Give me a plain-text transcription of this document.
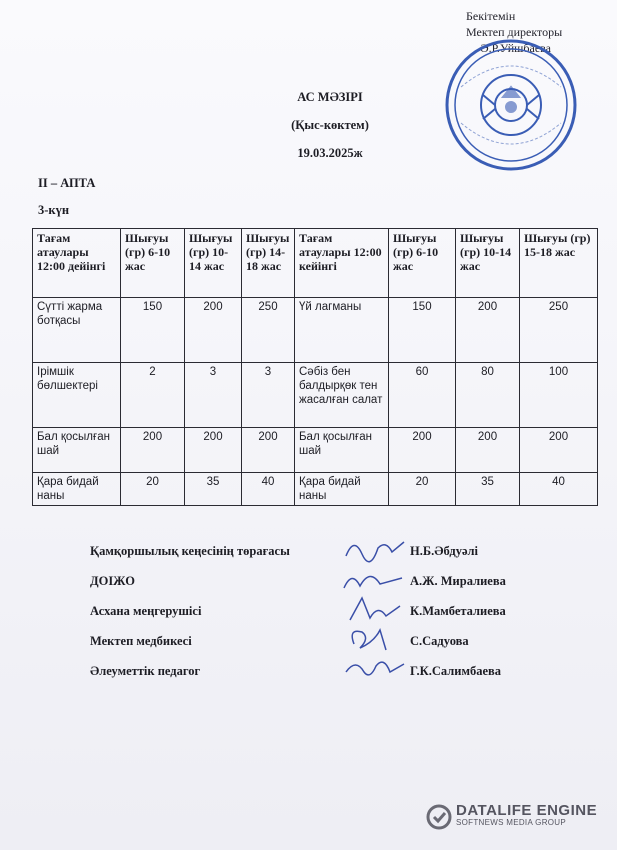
Бекітемін
Мектеп директоры
Ә.Р.Уйшбаева
АС МӘЗІРІ
(Қыс-көктем)
19.03.2025ж
II – АПТА
3-күн
Тағам атаулары 12:00 дейінгі	Шығуы (гр) 6-10 жас	Шығуы (гр) 10-14 жас	Шығуы (гр) 14-18 жас	Тағам атаулары 12:00 кейінгі	Шығуы (гр) 6-10 жас	Шығуы (гр) 10-14 жас	Шығуы (гр) 15-18 жас
Сүтті жарма ботқасы	150	200	250	Үй лагманы	150	200	250
Ірімшік бөлшектері	2	3	3	Сәбіз бен балдырқөк тен жасалған салат	60	80	100
Бал қосылған шай	200	200	200	Бал қосылған шай	200	200	200
Қара бидай наны	20	35	40	Қара бидай наны	20	35	40
Қамқоршылық кеңесінің төрағасы	Н.Б.Әбдуәлі
ДОІЖО	А.Ж. Миралиева
Асхана меңгерушісі	К.Мамбеталиева
Мектеп медбикесі	С.Садуова
Әлеуметтік педагог	Г.К.Салимбаева
DATALIFE ENGINE
SOFTNEWS MEDIA GROUP
